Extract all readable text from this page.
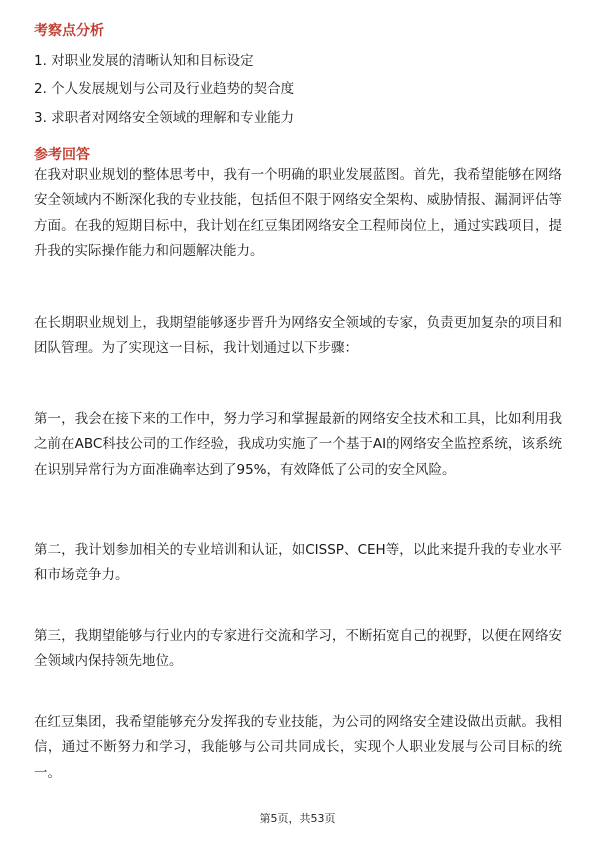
考察点分析
1. 对职业发展的清晰认知和目标设定
2. 个人发展规划与公司及行业趋势的契合度
3. 求职者对网络安全领域的理解和专业能力
参考回答

在我对职业规划的整体思考中，我有一个明确的职业发展蓝图。首先，我希望能够在网络安全领域内不断深化我的专业技能，包括但不限于网络安全架构、威胁情报、漏洞评估等方面。在我的短期目标中，我计划在红豆集团网络安全工程师岗位上，通过实践项目，提升我的实际操作能力和问题解决能力。

在长期职业规划上，我期望能够逐步晋升为网络安全领域的专家，负责更加复杂的项目和团队管理。为了实现这一目标，我计划通过以下步骤：

第一，我会在接下来的工作中，努力学习和掌握最新的网络安全技术和工具，比如利用我之前在ABC科技公司的工作经验，我成功实施了一个基于AI的网络安全监控系统，该系统在识别异常行为方面准确率达到了95%，有效降低了公司的安全风险。

第二，我计划参加相关的专业培训和认证，如CISSP、CEH等，以此来提升我的专业水平和市场竞争力。

第三，我期望能够与行业内的专家进行交流和学习，不断拓宽自己的视野，以便在网络安全领域内保持领先地位。

在红豆集团，我希望能够充分发挥我的专业技能，为公司的网络安全建设做出贡献。我相信，通过不断努力和学习，我能够与公司共同成长，实现个人职业发展与公司目标的统一。

第5页，共53页
